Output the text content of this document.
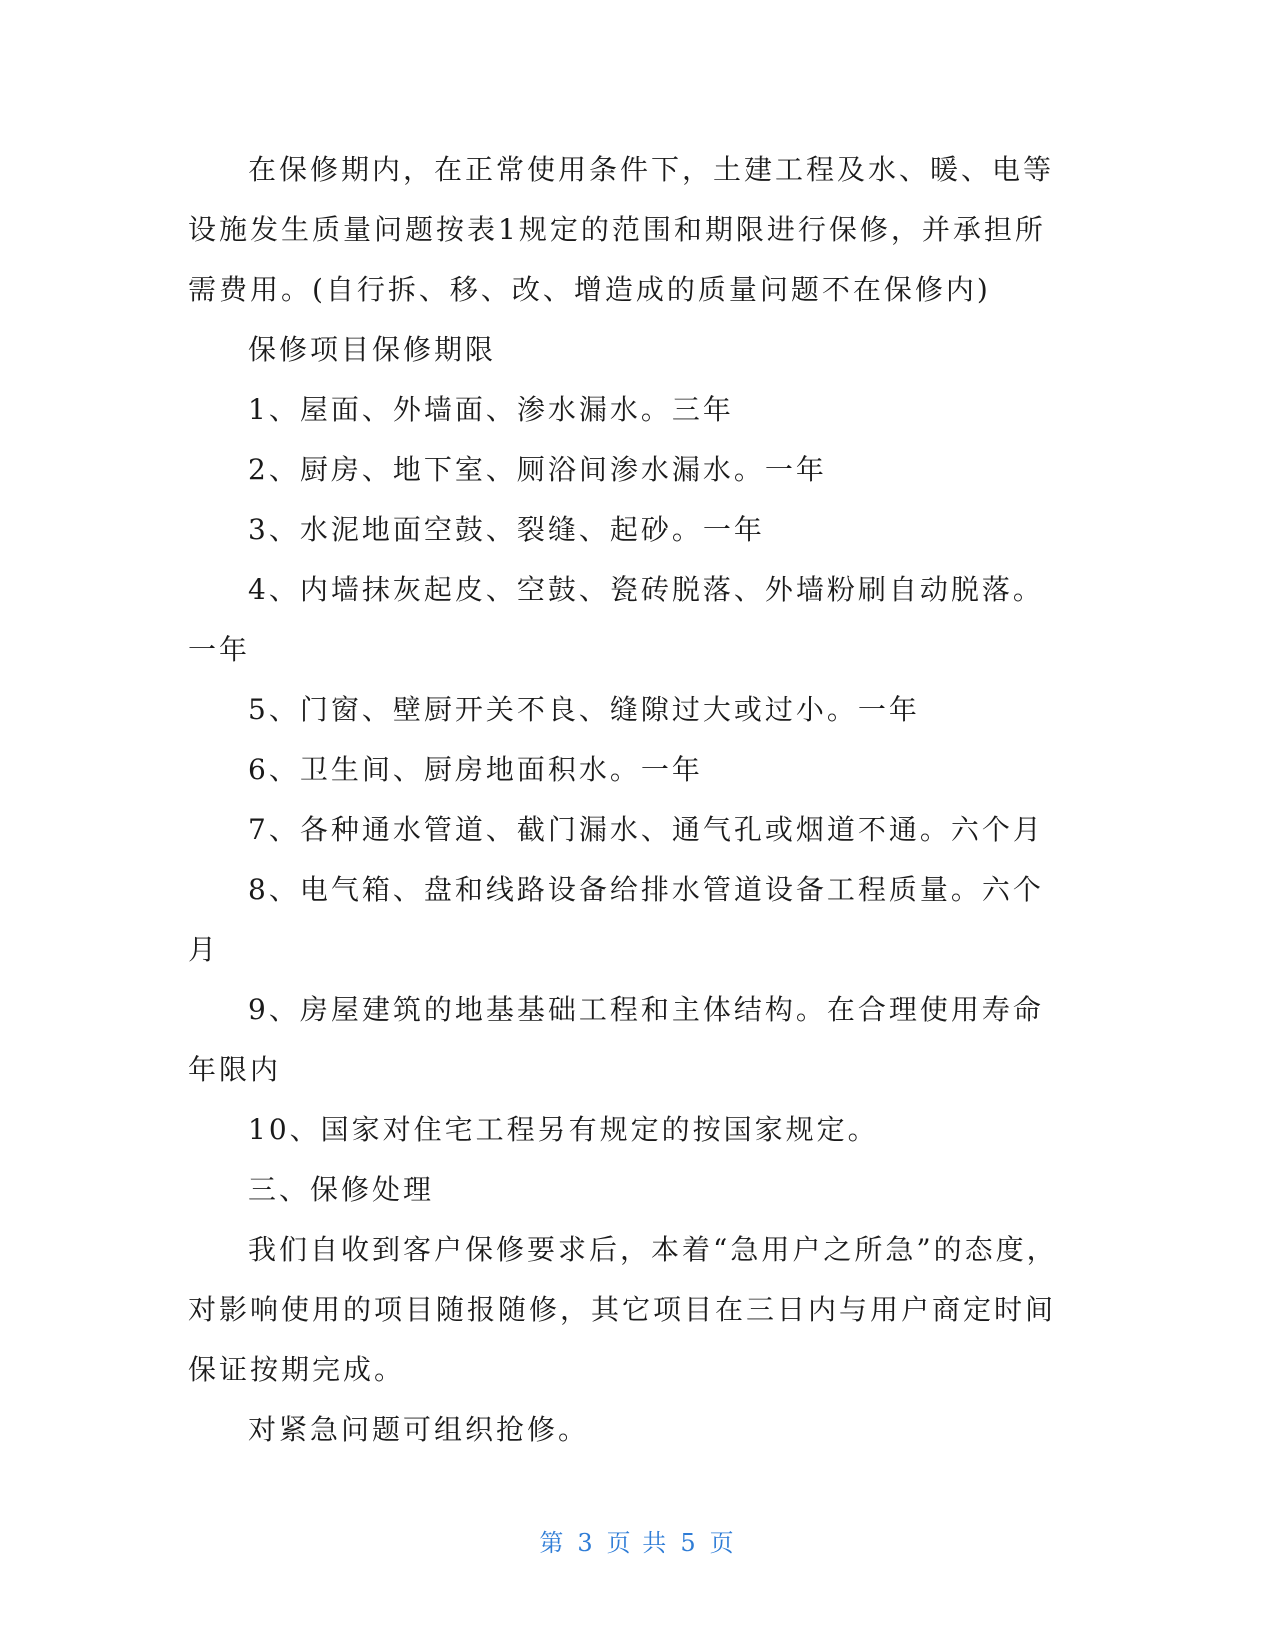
在保修期内，在正常使用条件下，土建工程及水、暖、电等设施发生质量问题按表1规定的范围和期限进行保修，并承担所需费用。(自行拆、移、改、增造成的质量问题不在保修内)

保修项目保修期限

1、屋面、外墙面、渗水漏水。三年

2、厨房、地下室、厕浴间渗水漏水。一年

3、水泥地面空鼓、裂缝、起砂。一年

4、内墙抹灰起皮、空鼓、瓷砖脱落、外墙粉刷自动脱落。一年

5、门窗、壁厨开关不良、缝隙过大或过小。一年

6、卫生间、厨房地面积水。一年

7、各种通水管道、截门漏水、通气孔或烟道不通。六个月

8、电气箱、盘和线路设备给排水管道设备工程质量。六个月

9、房屋建筑的地基基础工程和主体结构。在合理使用寿命年限内

10、国家对住宅工程另有规定的按国家规定。

三、保修处理

我们自收到客户保修要求后，本着“急用户之所急”的态度，对影响使用的项目随报随修，其它项目在三日内与用户商定时间保证按期完成。

对紧急问题可组织抢修。

第 3 页 共 5 页
